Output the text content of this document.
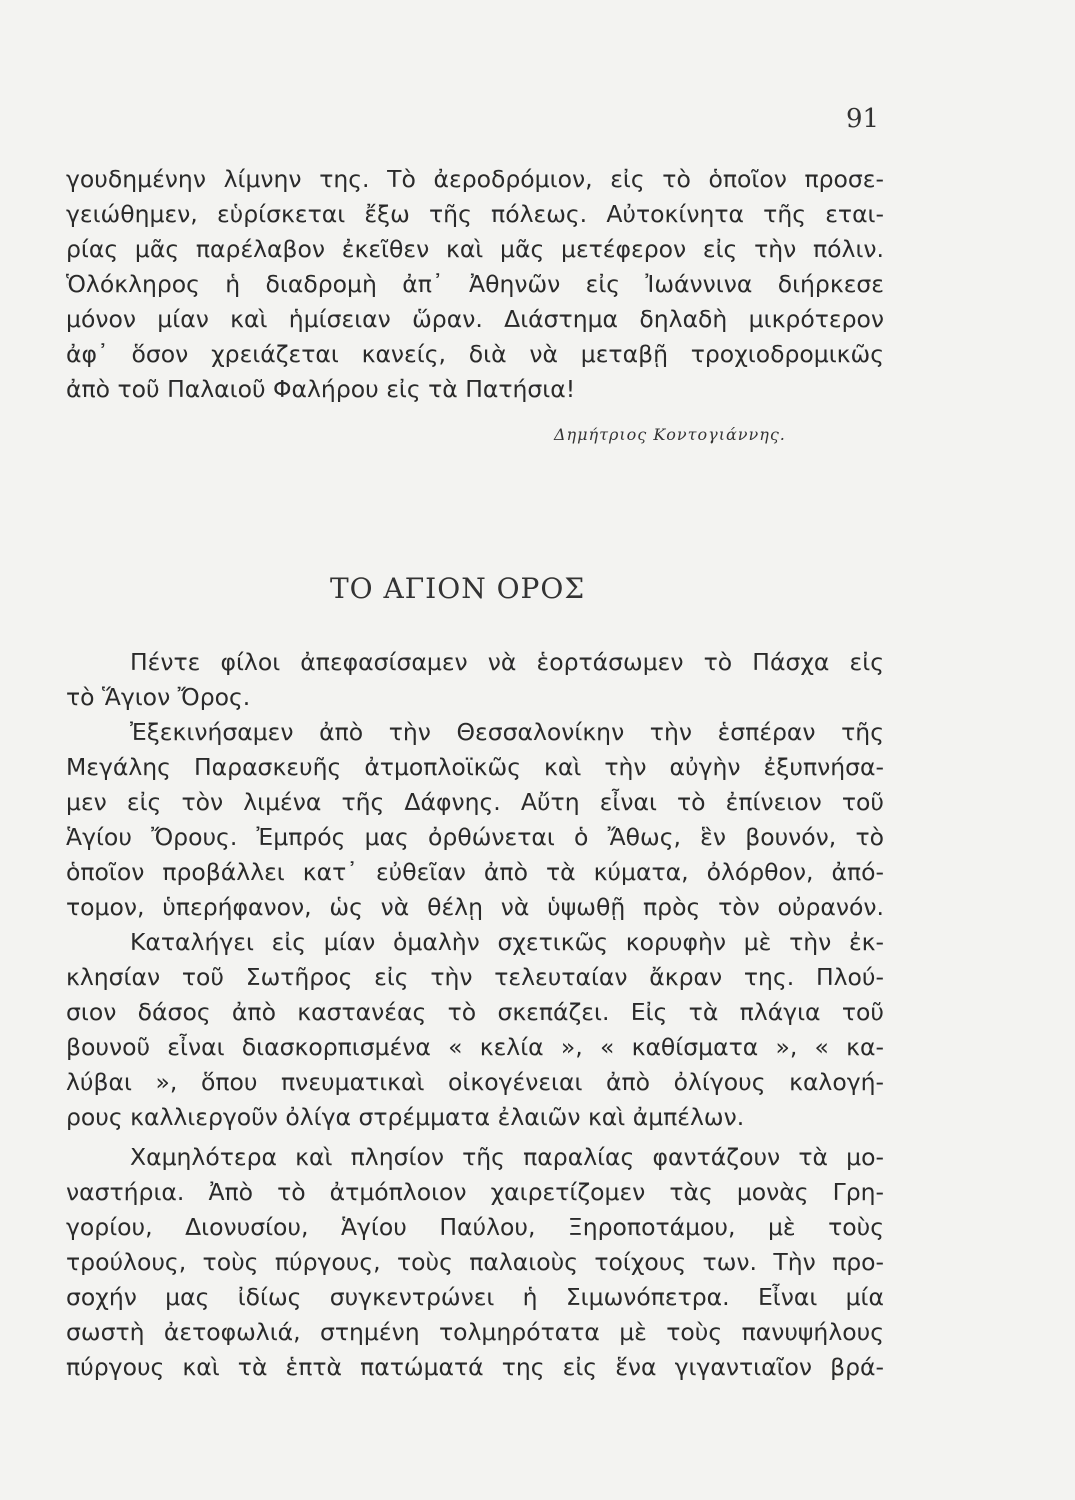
91
γουδημένην λίμνην της. Τὸ ἀεροδρόμιον, εἰς τὸ ὁποῖον προσε-
γειώθημεν, εὑρίσκεται ἔξω τῆς πόλεως. Αὐτοκίνητα τῆς εται-
ρίας μᾶς παρέλαβον ἐκεῖθεν καὶ μᾶς μετέφερον εἰς τὴν πόλιν.
Ὁλόκληρος ἡ διαδρομὴ ἀπ᾽ Ἀθηνῶν εἰς Ἰωάννινα διήρκεσε
μόνον μίαν καὶ ἡμίσειαν ὥραν. Διάστημα δηλαδὴ μικρότερον
ἀφ᾽ ὅσον χρειάζεται κανείς, διὰ νὰ μεταβῇ τροχιοδρομικῶς
ἀπὸ τοῦ Παλαιοῦ Φαλήρου εἰς τὰ Πατήσια!
Δημήτριος Κοντογιάννης.
ΤΟ ΑΓΙΟΝ ΟΡΟΣ
Πέντε φίλοι ἀπεφασίσαμεν νὰ ἑορτάσωμεν τὸ Πάσχα εἰς
τὸ Ἅγιον Ὄρος.
Ἐξεκινήσαμεν ἀπὸ τὴν Θεσσαλονίκην τὴν ἑσπέραν τῆς
Μεγάλης Παρασκευῆς ἀτμοπλοϊκῶς καὶ τὴν αὐγὴν ἐξυπνήσα-
μεν εἰς τὸν λιμένα τῆς Δάφνης. Αὔτη εἶναι τὸ ἐπίνειον τοῦ
Ἁγίου Ὄρους. Ἐμπρός μας ὀρθώνεται ὁ Ἄθως, ἓν βουνόν, τὸ
ὁποῖον προβάλλει κατ᾽ εὐθεῖαν ἀπὸ τὰ κύματα, ὀλόρθον, ἀπό-
τομον, ὑπερήφανον, ὡς νὰ θέλῃ νὰ ὑψωθῇ πρὸς τὸν οὐρανόν.
Καταλήγει εἰς μίαν ὁμαλὴν σχετικῶς κορυφὴν μὲ τὴν ἐκ-
κλησίαν τοῦ Σωτῆρος εἰς τὴν τελευταίαν ἄκραν της. Πλού-
σιον δάσος ἀπὸ καστανέας τὸ σκεπάζει. Εἰς τὰ πλάγια τοῦ
βουνοῦ εἶναι διασκορπισμένα « κελία », « καθίσματα », « κα-
λύβαι », ὅπου πνευματικαὶ οἰκογένειαι ἀπὸ ὀλίγους καλογή-
ρους καλλιεργοῦν ὀλίγα στρέμματα ἐλαιῶν καὶ ἀμπέλων.
Χαμηλότερα καὶ πλησίον τῆς παραλίας φαντάζουν τὰ μο-
ναστήρια. Ἀπὸ τὸ ἀτμόπλοιον χαιρετίζομεν τὰς μονὰς Γρη-
γορίου, Διονυσίου, Ἁγίου Παύλου, Ξηροποτάμου, μὲ τοὺς
τρούλους, τοὺς πύργους, τοὺς παλαιοὺς τοίχους των. Τὴν προ-
σοχήν μας ἰδίως συγκεντρώνει ἡ Σιμωνόπετρα. Εἶναι μία
σωστὴ ἀετοφωλιά, στημένη τολμηρότατα μὲ τοὺς πανυψήλους
πύργους καὶ τὰ ἑπτὰ πατώματά της εἰς ἕνα γιγαντιαῖον βρά-
